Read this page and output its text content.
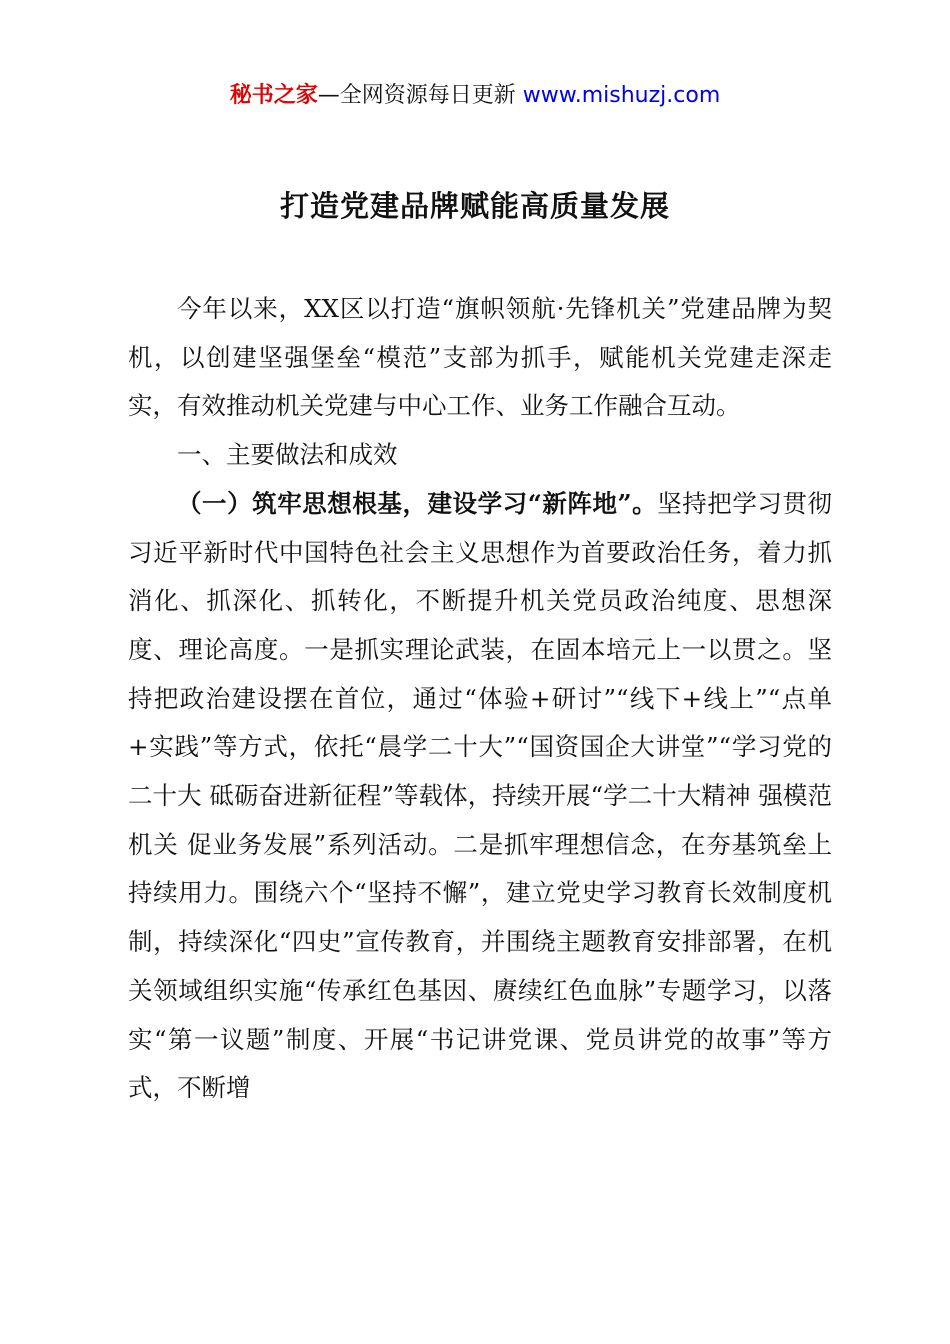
秘书之家—全网资源每日更新 www.mishuzj.com
打造党建品牌赋能高质量发展

今年以来，XX区以打造“旗帜领航·先锋机关”党建品牌为契机，以创建坚强堡垒“模范”支部为抓手，赋能机关党建走深走实，有效推动机关党建与中心工作、业务工作融合互动。

一、主要做法和成效

（一）筑牢思想根基，建设学习“新阵地”。坚持把学习贯彻习近平新时代中国特色社会主义思想作为首要政治任务，着力抓消化、抓深化、抓转化，不断提升机关党员政治纯度、思想深度、理论高度。一是抓实理论武装，在固本培元上一以贯之。坚持把政治建设摆在首位，通过“体验+研讨”“线下+线上”“点单+实践”等方式，依托“晨学二十大”“国资国企大讲堂”“学习党的二十大 砥砺奋进新征程”等载体，持续开展“学二十大精神 强模范机关 促业务发展”系列活动。二是抓牢理想信念，在夯基筑垒上持续用力。围绕六个“坚持不懈”，建立党史学习教育长效制度机制，持续深化“四史”宣传教育，并围绕主题教育安排部署，在机关领域组织实施“传承红色基因、赓续红色血脉”专题学习，以落实“第一议题”制度、开展“书记讲党课、党员讲党的故事”等方式，不断增
